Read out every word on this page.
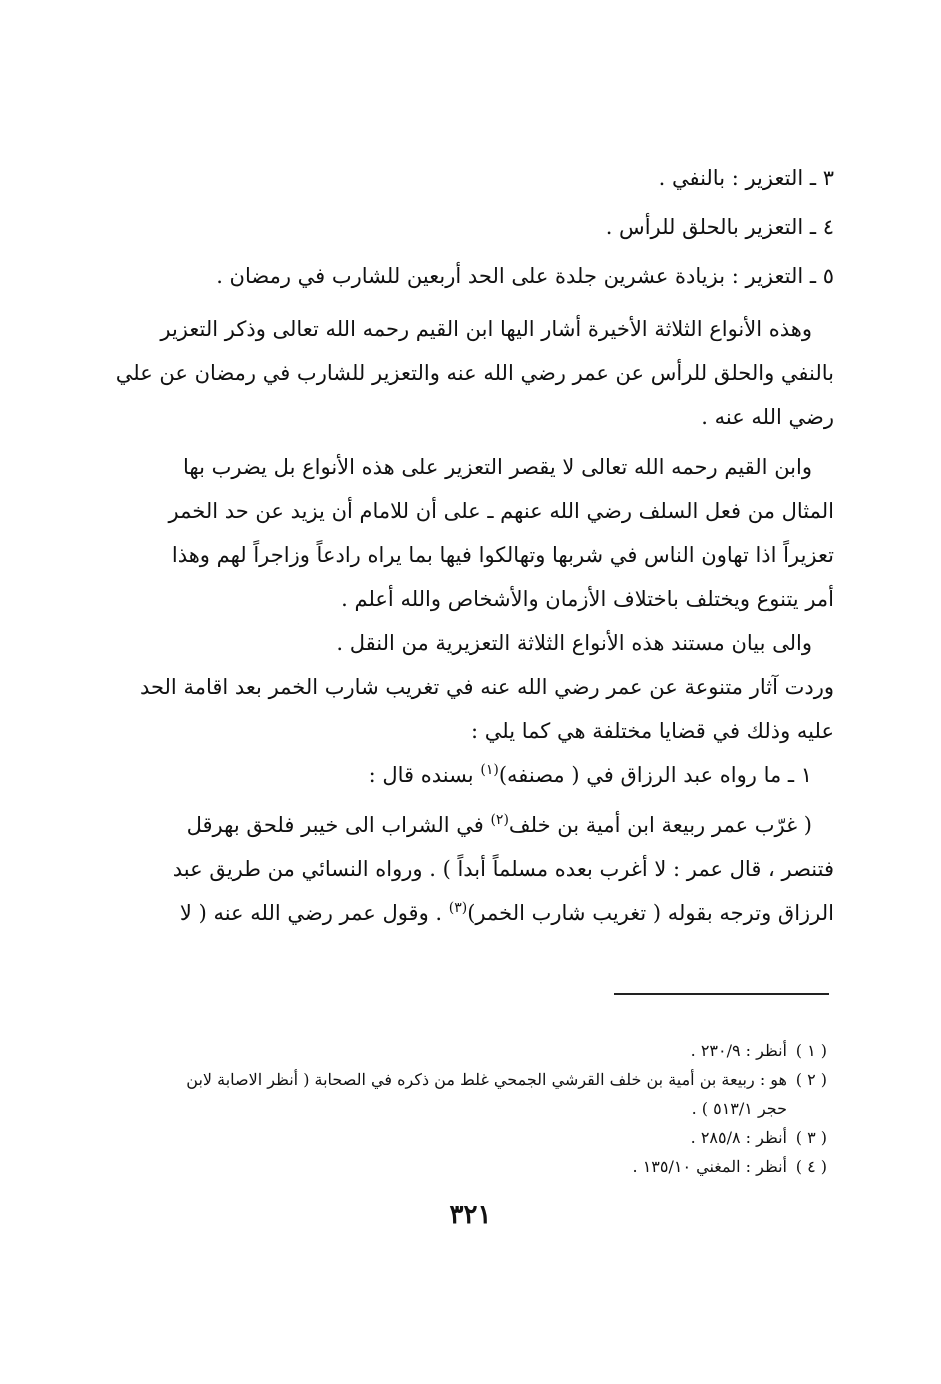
٣ ـ التعزير : بالنفي .

٤ ـ التعزير بالحلق للرأس .

٥ ـ التعزير : بزيادة عشرين جلدة على الحد أربعين للشارب في رمضان .

وهذه الأنواع الثلاثة الأخيرة أشار اليها ابن القيم رحمه الله تعالى وذكر التعزير

بالنفي والحلق للرأس عن عمر رضي الله عنه والتعزير للشارب في رمضان عن علي

رضي الله عنه .

وابن القيم رحمه الله تعالى لا يقصر التعزير على هذه الأنواع بل يضرب بها

المثال من فعل السلف رضي الله عنهم ـ على أن للامام أن يزيد عن حد الخمر

تعزيراً اذا تهاون الناس في شربها وتهالكوا فيها بما يراه رادعاً وزاجراً لهم وهذا

أمر يتنوع ويختلف باختلاف الأزمان والأشخاص والله أعلم .

والى بيان مستند هذه الأنواع الثلاثة التعزيرية من النقل .

وردت آثار متنوعة عن عمر رضي الله عنه في تغريب شارب الخمر بعد اقامة الحد

عليه وذلك في قضايا مختلفة هي كما يلي :

١ ـ ما رواه عبد الرزاق في ( مصنفه)$^{(١)}$ بسنده قال :

( غرّب عمر ربيعة ابن أمية بن خلف$^{(٢)}$ في الشراب الى خيبر فلحق بهرقل

فتنصر ، قال عمر : لا أغرب بعده مسلماً أبداً ) . ورواه النسائي من طريق عبد

الرزاق وترجه بقوله ( تغريب شارب الخمر)$^{(٣)}$ . وقول عمر رضي الله عنه ( لا

( ١ )
أنظر : ٢٣٠/٩ .
( ٢ )
هو : ربيعة بن أمية بن خلف القرشي الجمحي غلط من ذكره في الصحابة ( أنظر الاصابة لابن

حجر ٥١٣/١ ) .

( ٣ )
أنظر : ٢٨٥/٨ .
( ٤ )
أنظر : المغني ١٣٥/١٠ .
٣٢١
